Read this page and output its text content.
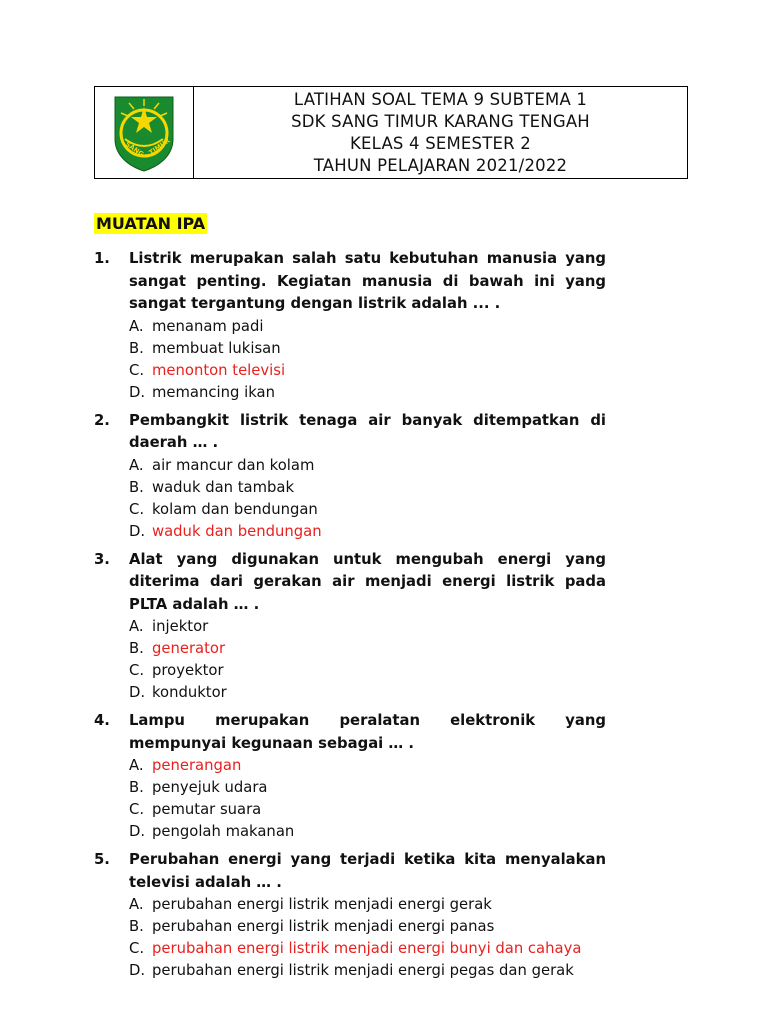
SANG TIMUR
LATIHAN SOAL TEMA 9 SUBTEMA 1
SDK SANG TIMUR KARANG TENGAH
KELAS 4 SEMESTER 2
TAHUN PELAJARAN 2021/2022
MUATAN IPA
1.	Listrik merupakan salah satu kebutuhan manusia yang sangat penting. Kegiatan manusia di bawah ini yang sangat tergantung dengan listrik adalah ... .
A. menanam padi
B. membuat lukisan
C. menonton televisi
D. memancing ikan
2.	Pembangkit listrik tenaga air banyak ditempatkan di daerah … .
A. air mancur dan kolam
B. waduk dan tambak
C. kolam dan bendungan
D. waduk dan bendungan
3.	Alat yang digunakan untuk mengubah energi yang diterima dari gerakan air menjadi energi listrik pada PLTA adalah … .
A. injektor
B. generator
C. proyektor
D. konduktor
4.	Lampu merupakan peralatan elektronik yang mempunyai kegunaan sebagai … .
A. penerangan
B. penyejuk udara
C. pemutar suara
D. pengolah makanan
5.	Perubahan energi yang terjadi ketika kita menyalakan televisi adalah … .
A. perubahan energi listrik menjadi energi gerak
B. perubahan energi listrik menjadi energi panas
C. perubahan energi listrik menjadi energi bunyi dan cahaya
D. perubahan energi listrik menjadi energi pegas dan gerak
